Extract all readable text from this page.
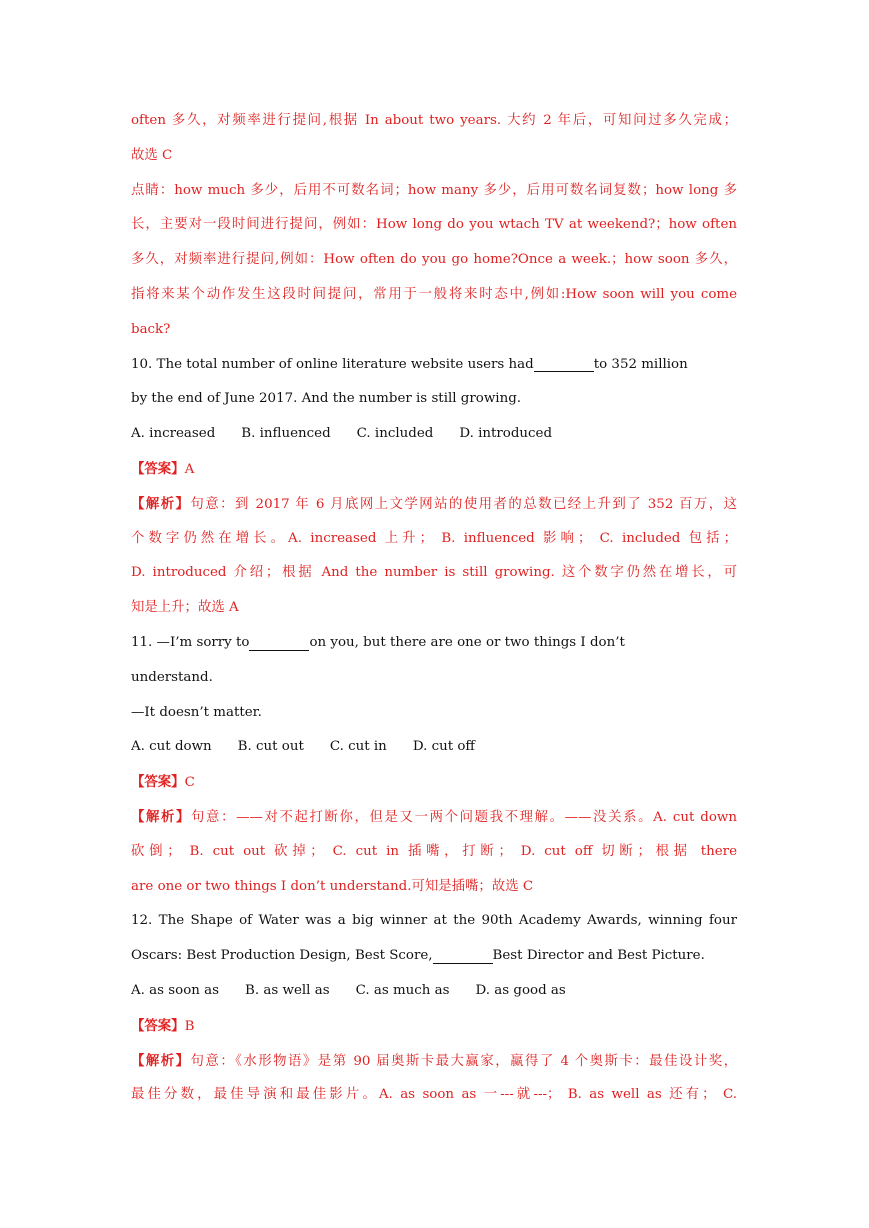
often 多久，对频率进行提问,根据 In about two years. 大约 2 年后，可知问过多久完成；
故选 C
点睛：how much 多少，后用不可数名词；how many 多少，后用可数名词复数；how long 多
长，主要对一段时间进行提问，例如：How long do you wtach TV at weekend?；how often
多久，对频率进行提问,例如：How often do you go home?Once a week.；how soon 多久，
指将来某个动作发生这段时间提问，常用于一般将来时态中,例如:How soon will you come
back?
10. The total number of online literature website users had	to 352 million
by the end of June 2017. And the number is still growing.
A. increased B. influenced C. included D. introduced
【答案】A
【解析】句意：到 2017 年 6 月底网上文学网站的使用者的总数已经上升到了 352 百万，这
个数字仍然在增长。A. increased 上升； B. influenced 影响； C. included 包括；
D. introduced 介绍；根据 And the number is still growing. 这个数字仍然在增长，可
知是上升；故选 A
11. —I’m sorry to	on you, but there are one or two things I don’t
understand.
—It doesn’t matter.
A. cut down B. cut out C. cut in D. cut off
【答案】C
【解析】句意：——对不起打断你，但是又一两个问题我不理解。——没关系。A. cut down
砍倒； B. cut out 砍掉； C. cut in 插嘴，打断； D. cut off 切断；根据 there
are one or two things I don’t understand.可知是插嘴；故选 C
12. The Shape of Water was a big winner at the 90th Academy Awards, winning four
Oscars: Best Production Design, Best Score,	Best Director and Best Picture.
A. as soon as B. as well as C. as much as D. as good as
【答案】B
【解析】句意：《水形物语》是第 90 届奥斯卡最大赢家，赢得了 4 个奥斯卡：最佳设计奖，
最佳分数，最佳导演和最佳影片。A. as soon as 一---就---； B. as well as 还有； C.
